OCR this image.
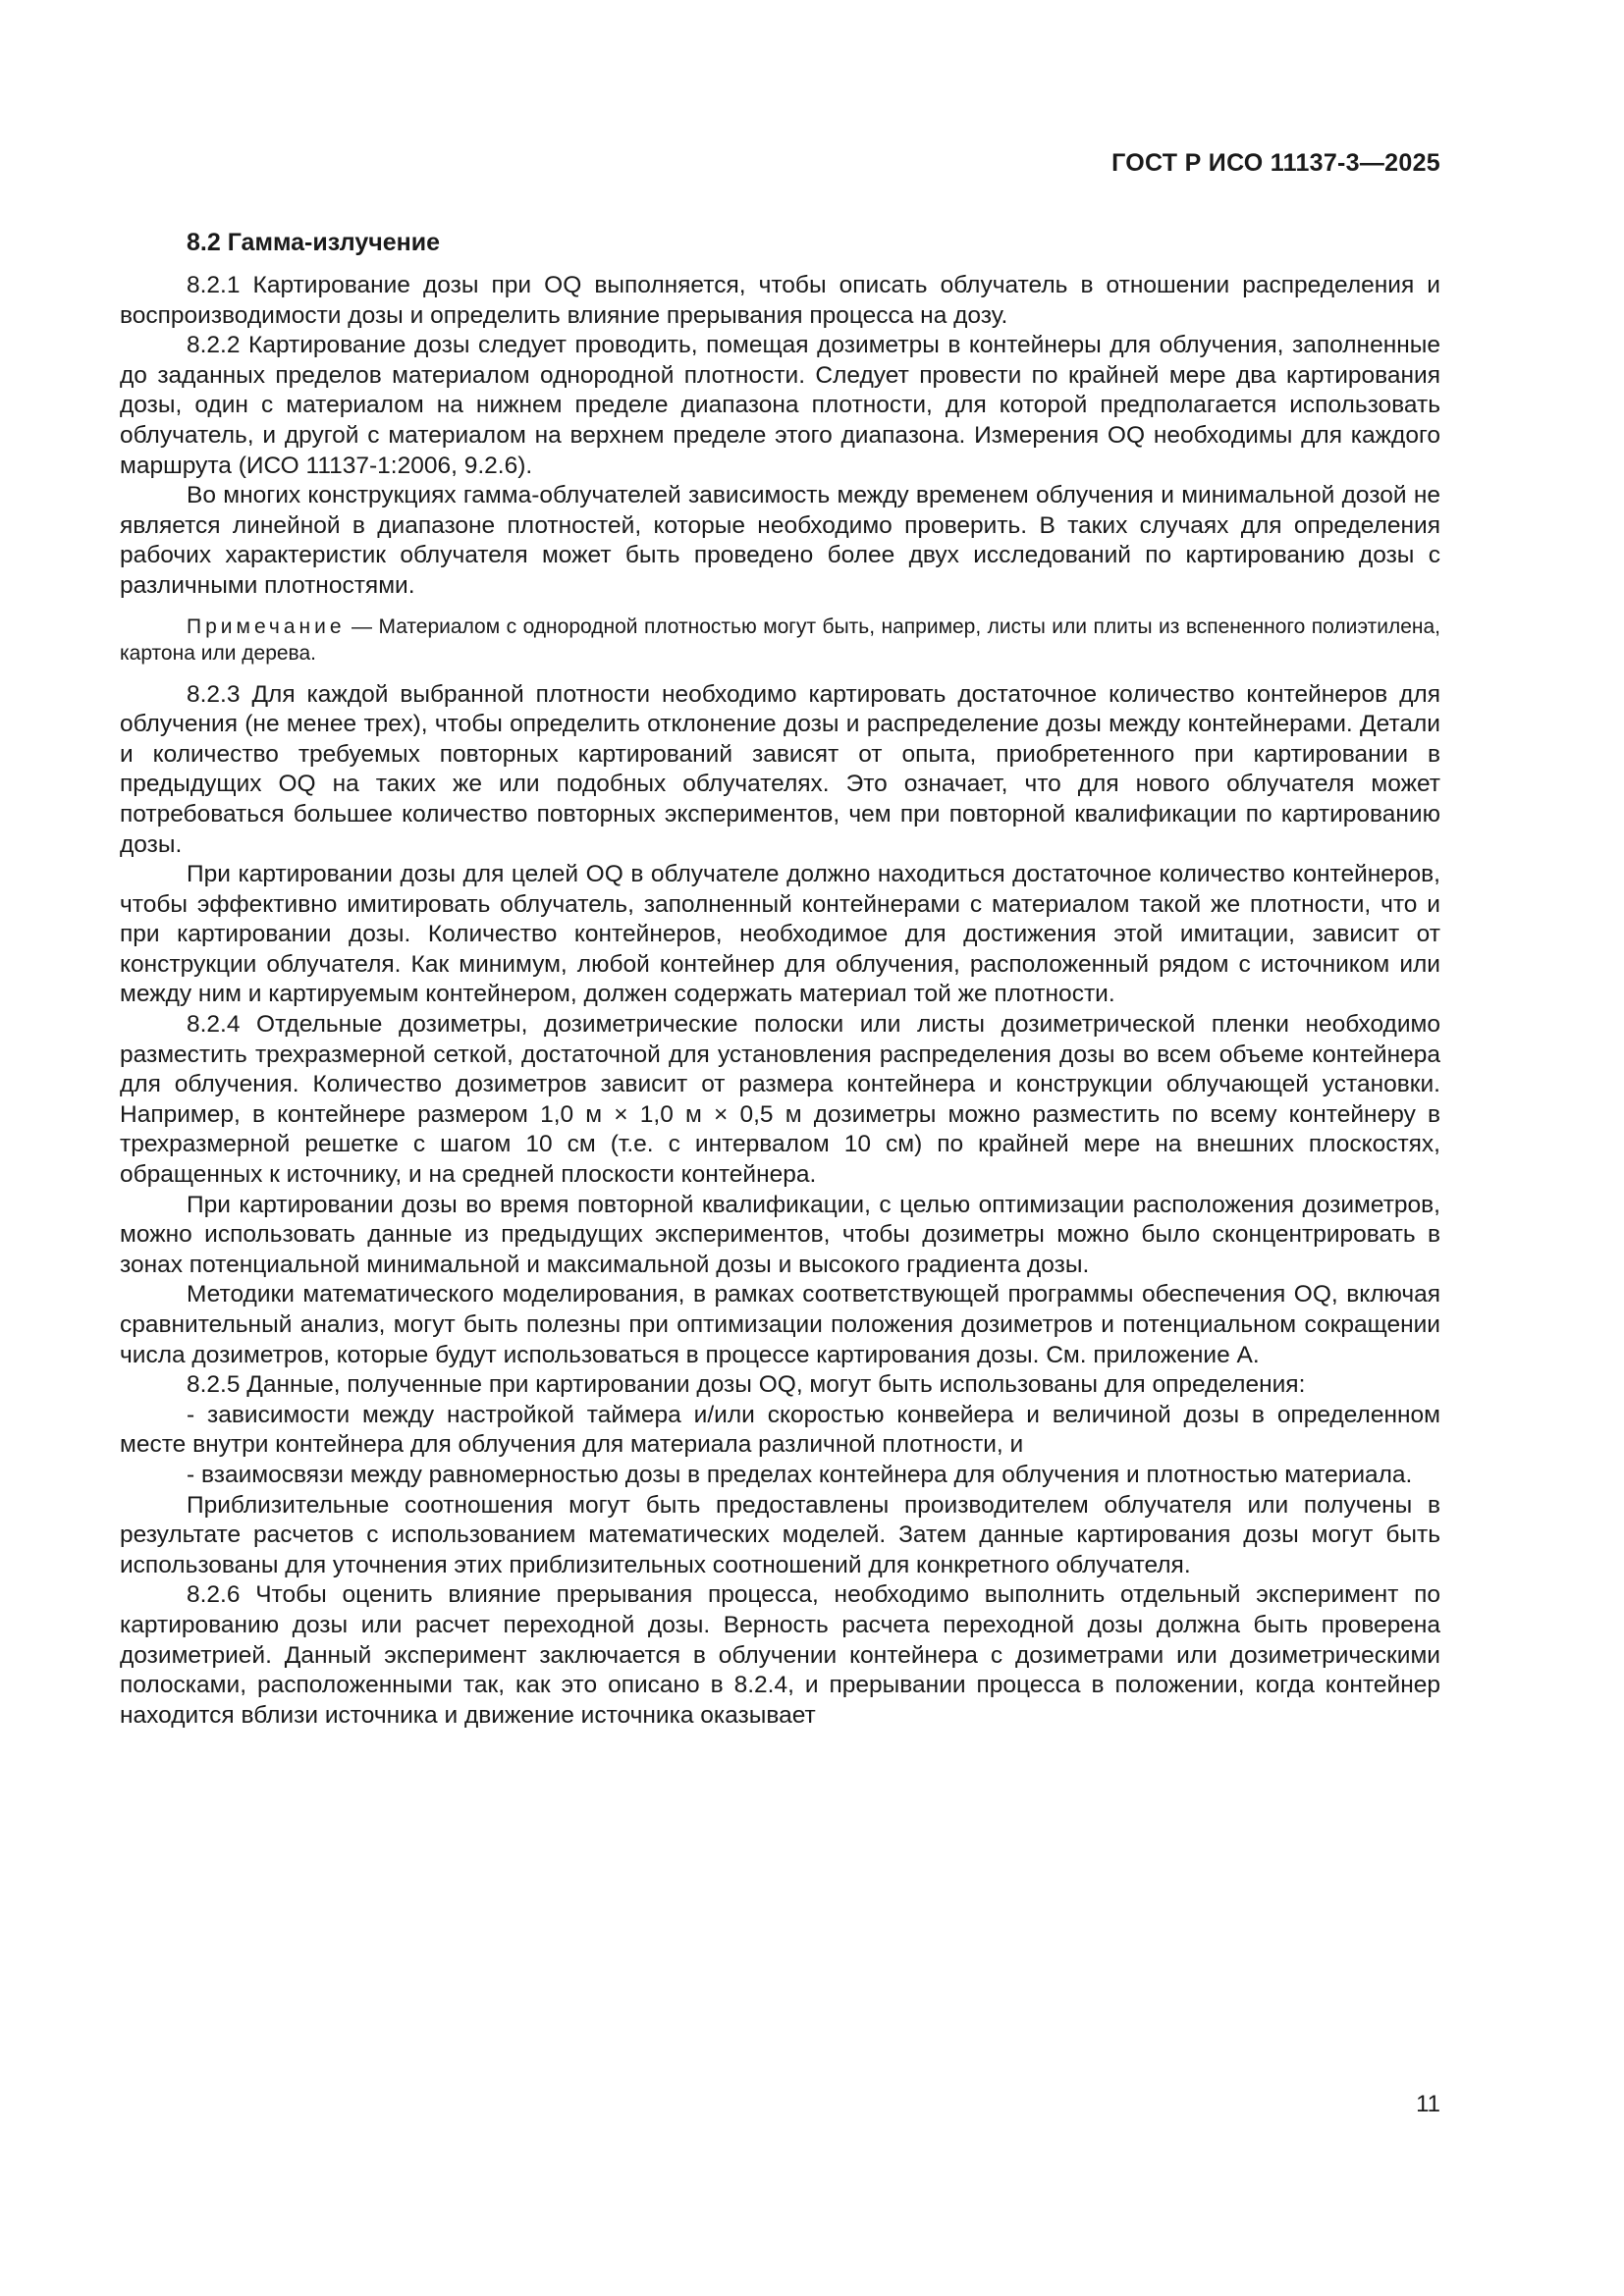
ГОСТ Р ИСО 11137-3—2025
8.2 Гамма-излучение

8.2.1 Картирование дозы при OQ выполняется, чтобы описать облучатель в отношении распределения и воспроизводимости дозы и определить влияние прерывания процесса на дозу.

8.2.2 Картирование дозы следует проводить, помещая дозиметры в контейнеры для облучения, заполненные до заданных пределов материалом однородной плотности. Следует провести по крайней мере два картирования дозы, один с материалом на нижнем пределе диапазона плотности, для которой предполагается использовать облучатель, и другой с материалом на верхнем пределе этого диапазона. Измерения OQ необходимы для каждого маршрута (ИСО 11137-1:2006, 9.2.6).

Во многих конструкциях гамма-облучателей зависимость между временем облучения и минимальной дозой не является линейной в диапазоне плотностей, которые необходимо проверить. В таких случаях для определения рабочих характеристик облучателя может быть проведено более двух исследований по картированию дозы с различными плотностями.

Примечание — Материалом с однородной плотностью могут быть, например, листы или плиты из вспененного полиэтилена, картона или дерева.

8.2.3 Для каждой выбранной плотности необходимо картировать достаточное количество контейнеров для облучения (не менее трех), чтобы определить отклонение дозы и распределение дозы между контейнерами. Детали и количество требуемых повторных картирований зависят от опыта, приобретенного при картировании в предыдущих OQ на таких же или подобных облучателях. Это означает, что для нового облучателя может потребоваться большее количество повторных экспериментов, чем при повторной квалификации по картированию дозы.

При картировании дозы для целей OQ в облучателе должно находиться достаточное количество контейнеров, чтобы эффективно имитировать облучатель, заполненный контейнерами с материалом такой же плотности, что и при картировании дозы. Количество контейнеров, необходимое для достижения этой имитации, зависит от конструкции облучателя. Как минимум, любой контейнер для облучения, расположенный рядом с источником или между ним и картируемым контейнером, должен содержать материал той же плотности.

8.2.4 Отдельные дозиметры, дозиметрические полоски или листы дозиметрической пленки необходимо разместить трехразмерной сеткой, достаточной для установления распределения дозы во всем объеме контейнера для облучения. Количество дозиметров зависит от размера контейнера и конструкции облучающей установки. Например, в контейнере размером 1,0 м × 1,0 м × 0,5 м дозиметры можно разместить по всему контейнеру в трехразмерной решетке с шагом 10 см (т.е. с интервалом 10 см) по крайней мере на внешних плоскостях, обращенных к источнику, и на средней плоскости контейнера.

При картировании дозы во время повторной квалификации, с целью оптимизации расположения дозиметров, можно использовать данные из предыдущих экспериментов, чтобы дозиметры можно было сконцентрировать в зонах потенциальной минимальной и максимальной дозы и высокого градиента дозы.

Методики математического моделирования, в рамках соответствующей программы обеспечения OQ, включая сравнительный анализ, могут быть полезны при оптимизации положения дозиметров и потенциальном сокращении числа дозиметров, которые будут использоваться в процессе картирования дозы. См. приложение А.

8.2.5 Данные, полученные при картировании дозы OQ, могут быть использованы для определения:

- зависимости между настройкой таймера и/или скоростью конвейера и величиной дозы в определенном месте внутри контейнера для облучения для материала различной плотности, и

- взаимосвязи между равномерностью дозы в пределах контейнера для облучения и плотностью материала.

Приблизительные соотношения могут быть предоставлены производителем облучателя или получены в результате расчетов с использованием математических моделей. Затем данные картирования дозы могут быть использованы для уточнения этих приблизительных соотношений для конкретного облучателя.

8.2.6 Чтобы оценить влияние прерывания процесса, необходимо выполнить отдельный эксперимент по картированию дозы или расчет переходной дозы. Верность расчета переходной дозы должна быть проверена дозиметрией. Данный эксперимент заключается в облучении контейнера с дозиметрами или дозиметрическими полосками, расположенными так, как это описано в 8.2.4, и прерывании процесса в положении, когда контейнер находится вблизи источника и движение источника оказывает

11
